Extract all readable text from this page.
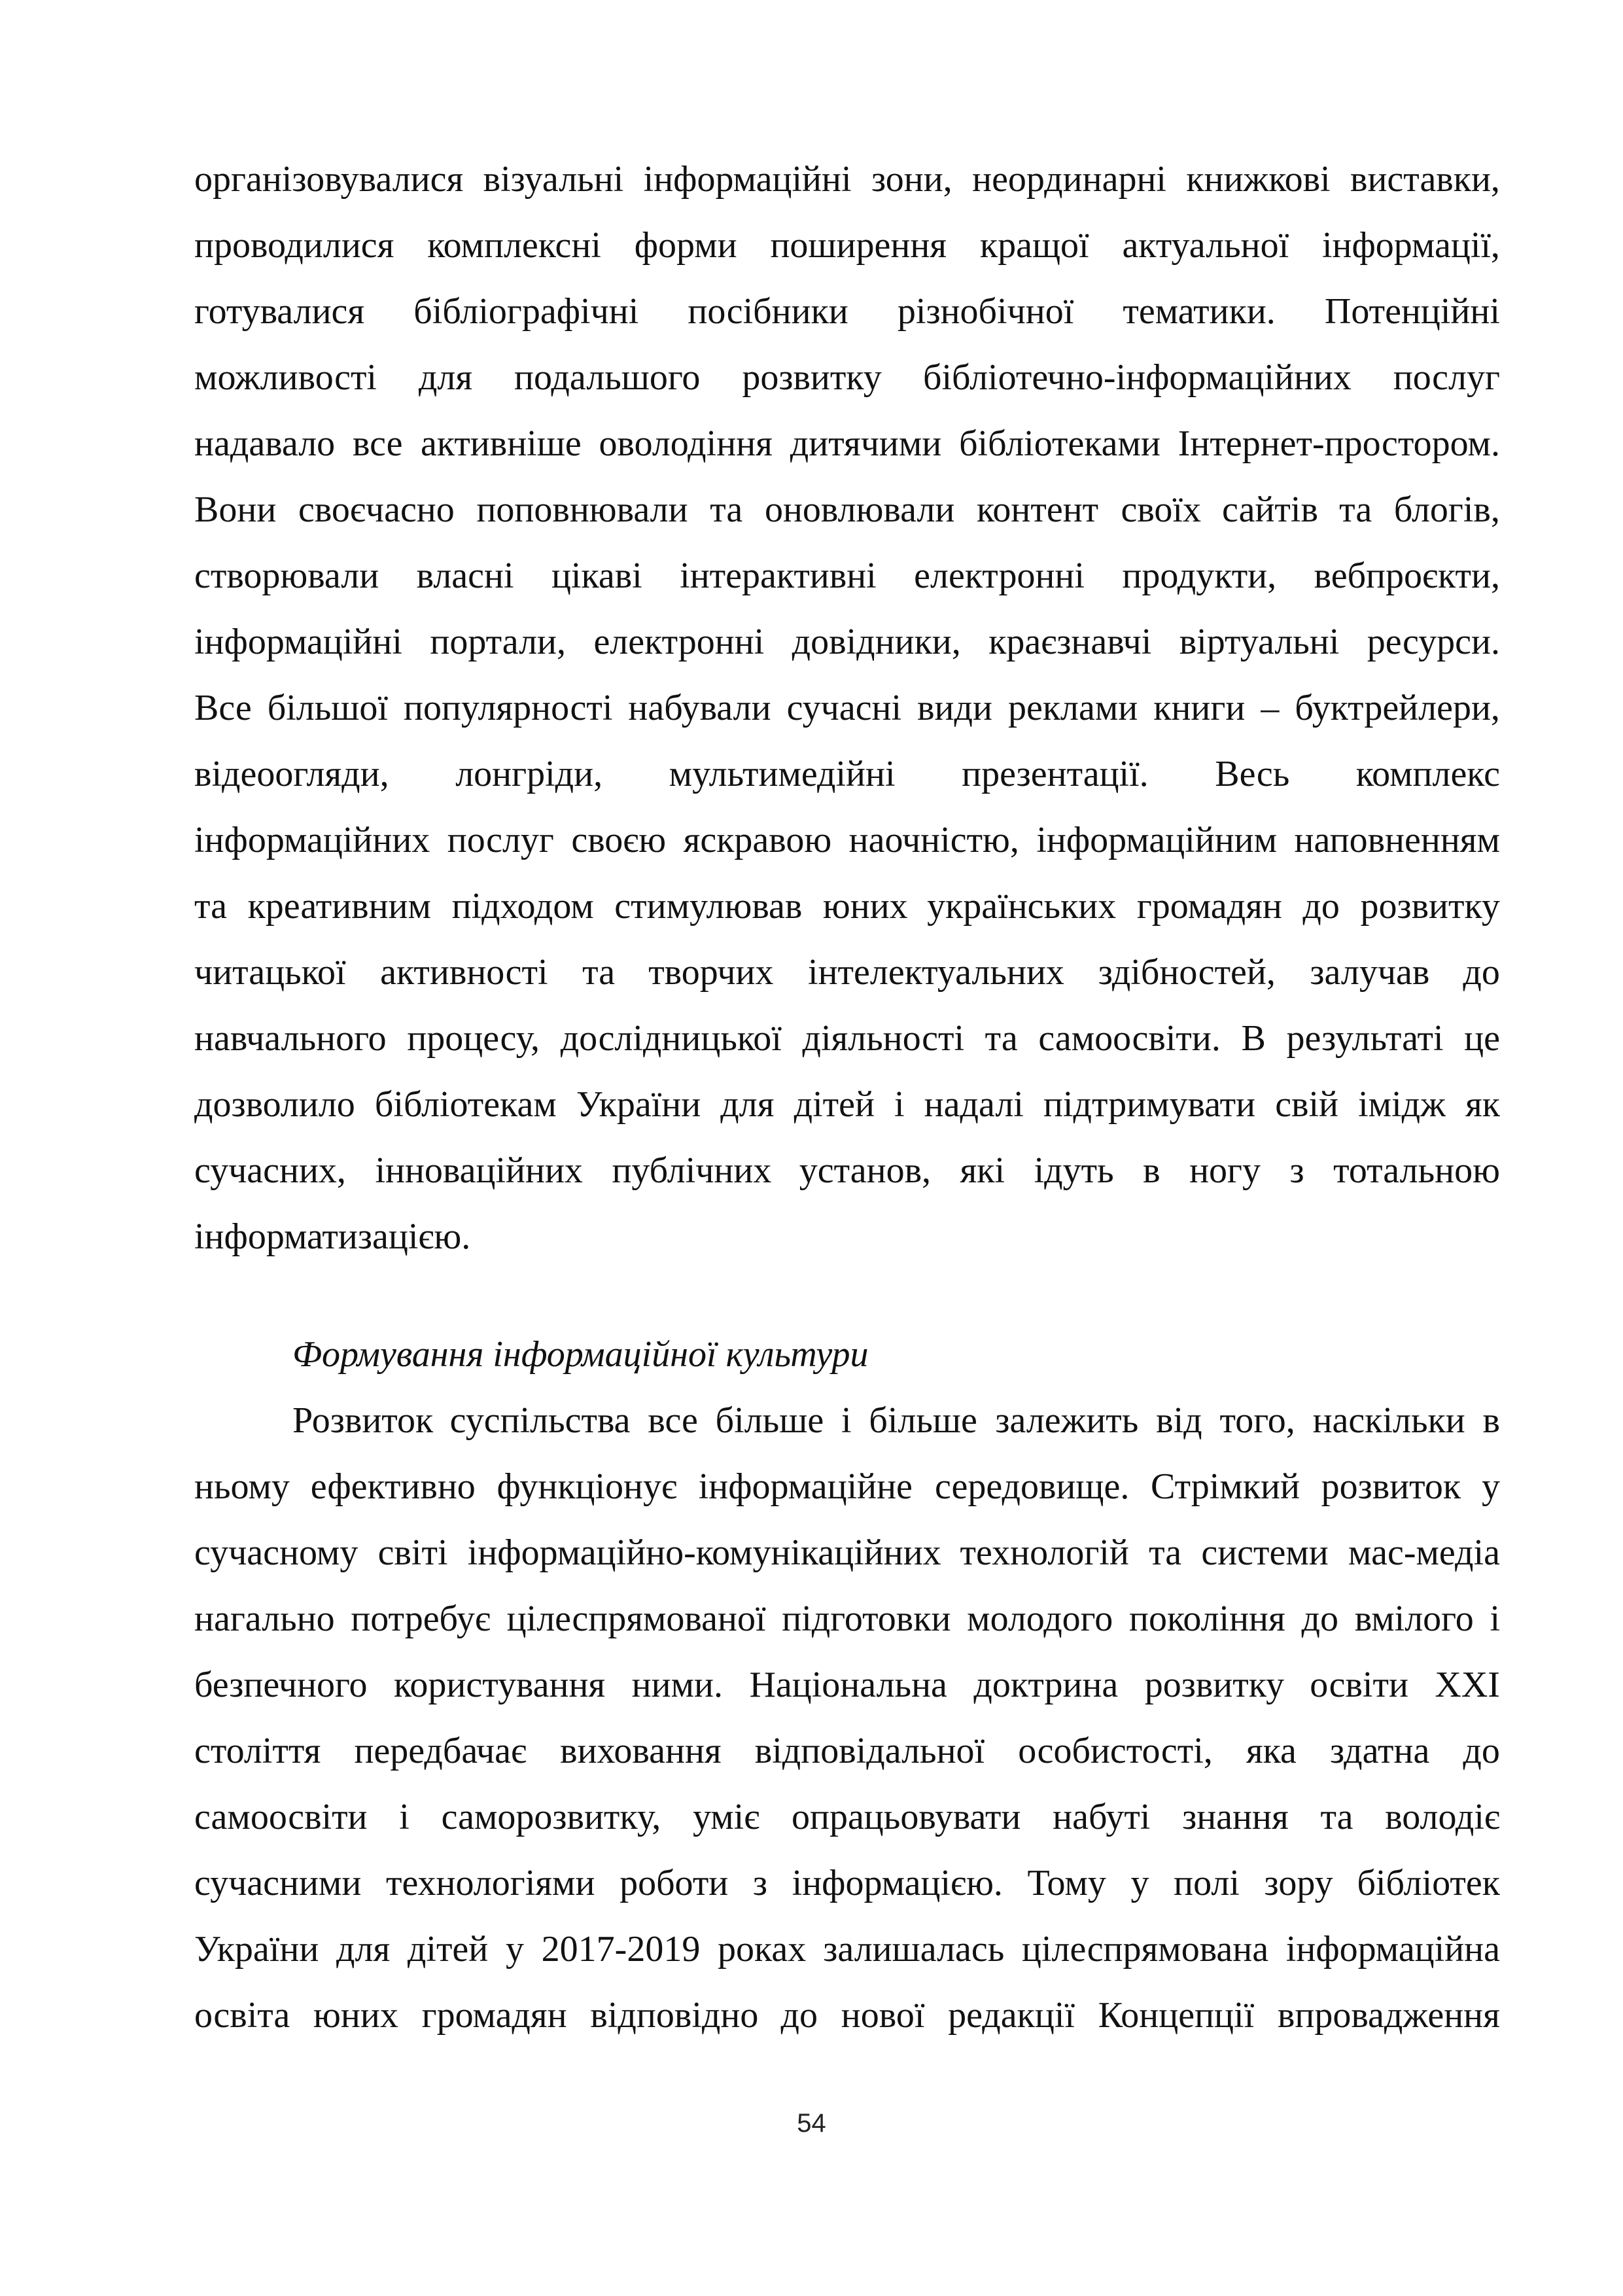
організовувалися візуальні інформаційні зони, неординарні книжкові виставки,
проводилися комплексні форми поширення кращої актуальної інформації,
готувалися бібліографічні посібники різнобічної тематики. Потенційні
можливості для подальшого розвитку бібліотечно-інформаційних послуг
надавало все активніше оволодіння дитячими бібліотеками Інтернет-простором.
Вони своєчасно поповнювали та оновлювали контент своїх сайтів та блогів,
створювали власні цікаві інтерактивні електронні продукти, вебпроєкти,
інформаційні портали, електронні довідники, краєзнавчі віртуальні ресурси.
Все більшої популярності набували сучасні види реклами книги – буктрейлери,
відеоогляди, лонгріди, мультимедійні презентації. Весь комплекс
інформаційних послуг своєю яскравою наочністю, інформаційним наповненням
та креативним підходом стимулював юних українських громадян до розвитку
читацької активності та творчих інтелектуальних здібностей, залучав до
навчального процесу, дослідницької діяльності та самоосвіти. В результаті це
дозволило бібліотекам України для дітей і надалі підтримувати свій імідж як
сучасних, інноваційних публічних установ, які ідуть в ногу з тотальною
інформатизацією.
Формування інформаційної культури
Розвиток суспільства все більше і більше залежить від того, наскільки в
ньому ефективно функціонує інформаційне середовище. Стрімкий розвиток у
сучасному світі інформаційно-комунікаційних технологій та системи мас-медіа
нагально потребує цілеспрямованої підготовки молодого покоління до вмілого і
безпечного користування ними. Національна доктрина розвитку освіти XXI
століття передбачає виховання відповідальної особистості, яка здатна до
самоосвіти і саморозвитку, уміє опрацьовувати набуті знання та володіє
сучасними технологіями роботи з інформацією. Тому у полі зору бібліотек
України для дітей у 2017-2019 роках залишалась цілеспрямована інформаційна
освіта юних громадян відповідно до нової редакції Концепції впровадження
54
